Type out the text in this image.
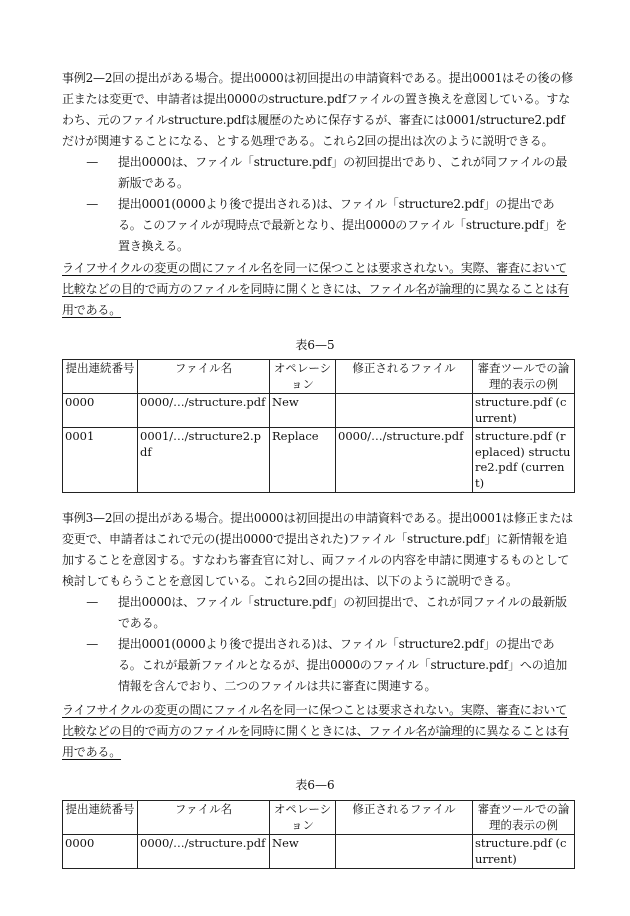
事例2—2回の提出がある場合。提出0000は初回提出の申請資料である。提出0001はその後の修正または変更で、申請者は提出0000のstructure.pdfファイルの置き換えを意図している。すなわち、元のファイルstructure.pdfは履歴のために保存するが、審査には0001/structure2.pdfだけが関連することになる、とする処理である。これら2回の提出は次のように説明できる。

—	提出0000は、ファイル「structure.pdf」の初回提出であり、これが同ファイルの最新版である。
—	提出0001(0000より後で提出される)は、ファイル「structure2.pdf」の提出である。このファイルが現時点で最新となり、提出0000のファイル「structure.pdf」を置き換える。

ライフサイクルの変更の間にファイル名を同一に保つことは要求されない。実際、審査において比較などの目的で両方のファイルを同時に開くときには、ファイル名が論理的に異なることは有用である。

表6—5
提出連続番号	ファイル名	オペレーション	修正されるファイル	審査ツールでの論理的表示の例
0000	0000/…/structure.pdf	New		structure.pdf (current)
0001	0001/…/structure2.pdf	Replace	0000/…/structure.pdf	structure.pdf (replaced) structure2.pdf (current)

事例3—2回の提出がある場合。提出0000は初回提出の申請資料である。提出0001は修正または変更で、申請者はこれで元の(提出0000で提出された)ファイル「structure.pdf」に新情報を追加することを意図する。すなわち審査官に対し、両ファイルの内容を申請に関連するものとして検討してもらうことを意図している。これら2回の提出は、以下のように説明できる。

—	提出0000は、ファイル「structure.pdf」の初回提出で、これが同ファイルの最新版である。
—	提出0001(0000より後で提出される)は、ファイル「structure2.pdf」の提出である。これが最新ファイルとなるが、提出0000のファイル「structure.pdf」への追加情報を含んでおり、二つのファイルは共に審査に関連する。

ライフサイクルの変更の間にファイル名を同一に保つことは要求されない。実際、審査において比較などの目的で両方のファイルを同時に開くときには、ファイル名が論理的に異なることは有用である。

表6—6
提出連続番号	ファイル名	オペレーション	修正されるファイル	審査ツールでの論理的表示の例
0000	0000/…/structure.pdf	New		structure.pdf (current)
